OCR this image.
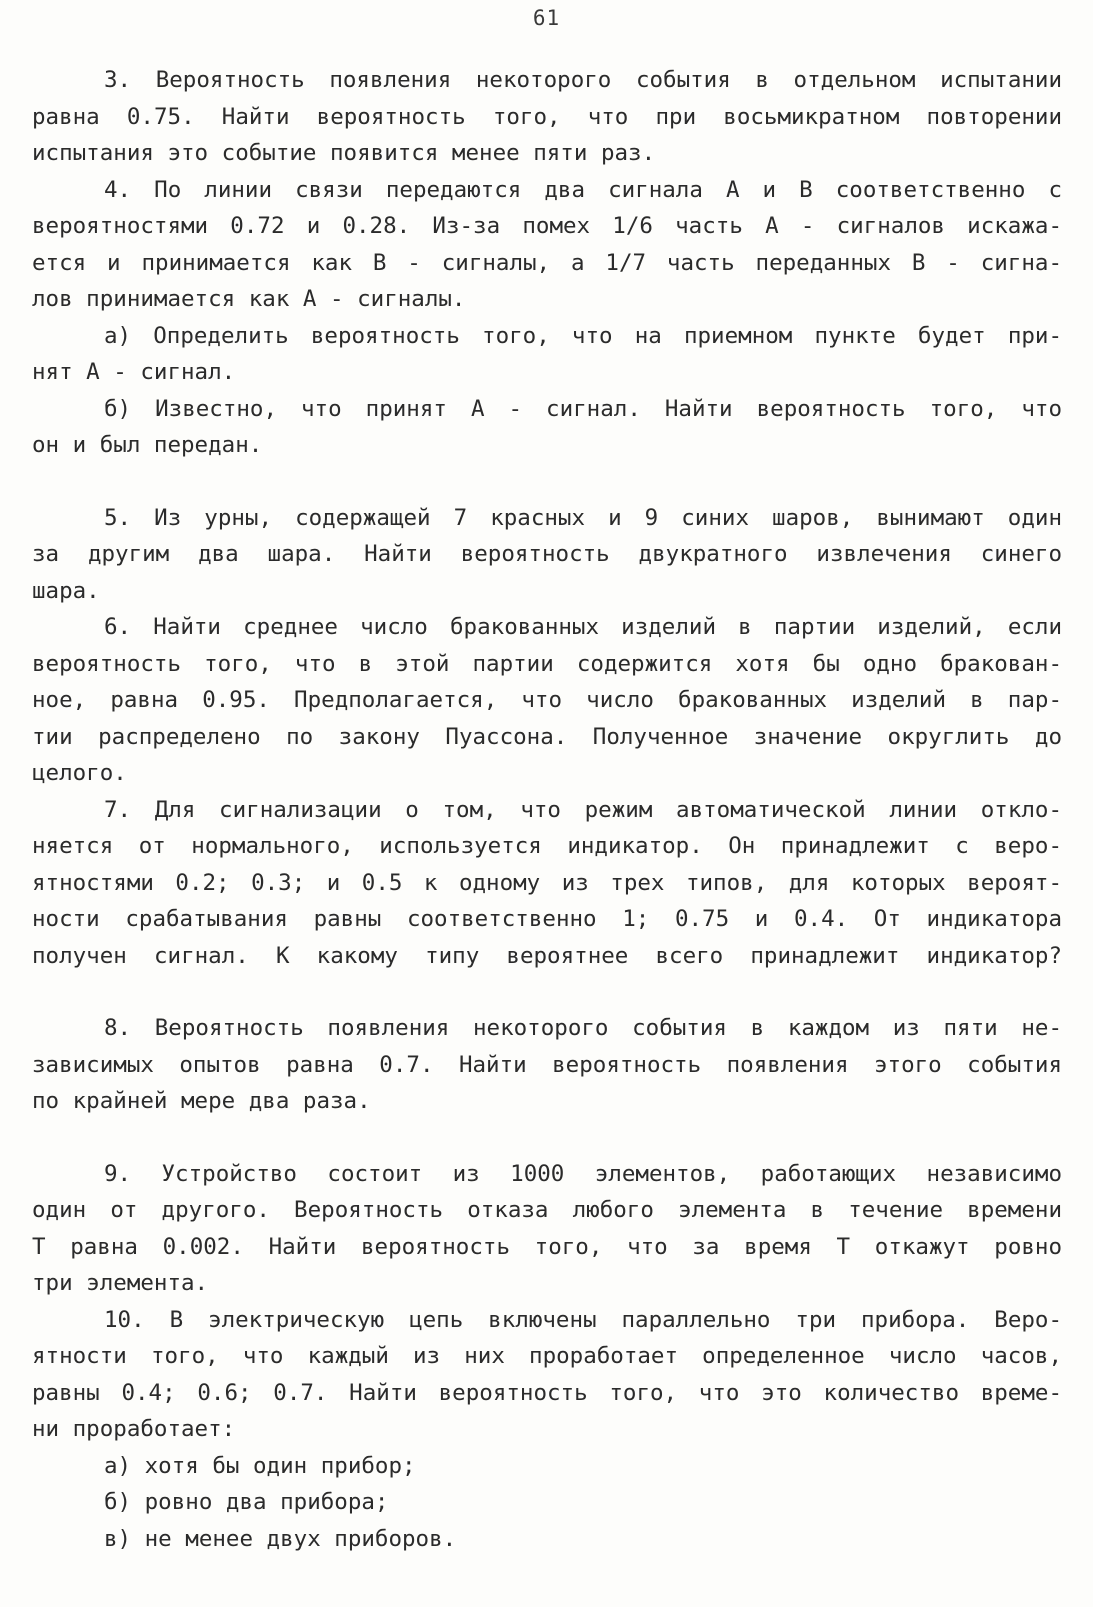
61
3. Вероятность появления некоторого события в отдельном испытании
равна 0.75. Найти вероятность того, что при восьмикратном повторении
испытания это событие появится менее пяти раз.
4. По линии связи передаются два сигнала А и В соответственно с
вероятностями 0.72 и 0.28. Из-за помех 1/6 часть А - сигналов искажа-
ется и принимается как В - сигналы, а 1/7 часть переданных В - сигна-
лов принимается как А - сигналы.
а) Определить вероятность того, что на приемном пункте будет при-
нят А - сигнал.
б) Известно, что принят А - сигнал. Найти вероятность того, что
он и был передан.
5. Из урны, содержащей 7 красных и 9 синих шаров, вынимают один
за другим два шара. Найти вероятность двукратного извлечения синего
шара.
6. Найти среднее число бракованных изделий в партии изделий, если
вероятность того, что в этой партии содержится хотя бы одно бракован-
ное, равна 0.95. Предполагается, что число бракованных изделий в пар-
тии распределено по закону Пуассона. Полученное значение округлить до
целого.
7. Для сигнализации о том, что режим автоматической линии откло-
няется от нормального, используется индикатор. Он принадлежит с веро-
ятностями 0.2; 0.3; и 0.5 к одному из трех типов, для которых вероят-
ности срабатывания равны соответственно 1; 0.75 и 0.4. От индикатора
получен сигнал. К какому типу вероятнее всего принадлежит индикатор?
8. Вероятность появления некоторого события в каждом из пяти не-
зависимых опытов равна 0.7. Найти вероятность появления этого события
по крайней мере два раза.
9. Устройство состоит из 1000 элементов, работающих независимо
один от другого. Вероятность отказа любого элемента в течение времени
Т равна 0.002. Найти вероятность того, что за время Т откажут ровно
три элемента.
10. В электрическую цепь включены параллельно три прибора. Веро-
ятности того, что каждый из них проработает определенное число часов,
равны 0.4; 0.6; 0.7. Найти вероятность того, что это количество време-
ни проработает:
а) хотя бы один прибор;
б) ровно два прибора;
в) не менее двух приборов.
